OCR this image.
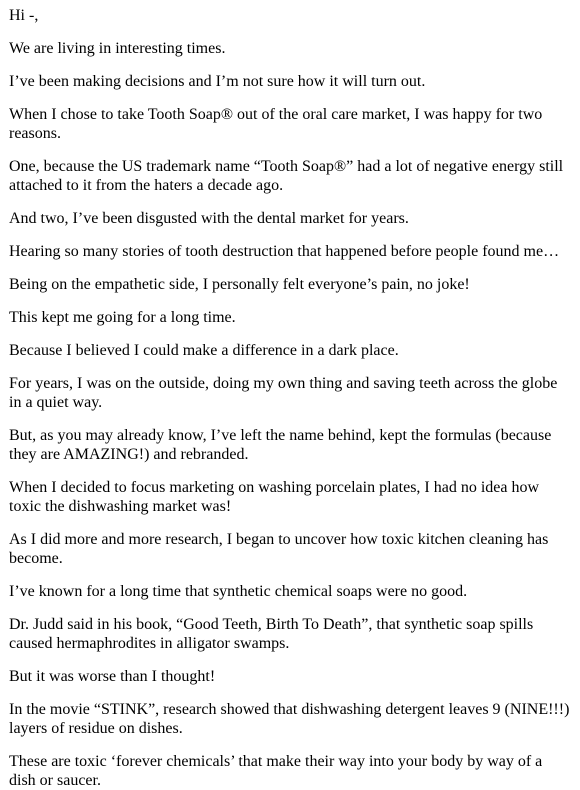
Hi -,

We are living in interesting times.

I’ve been making decisions and I’m not sure how it will turn out.

When I chose to take Tooth Soap® out of the oral care market, I was happy for two reasons.

One, because the US trademark name “Tooth Soap®” had a lot of negative energy still attached to it from the haters a decade ago.

And two, I’ve been disgusted with the dental market for years.

Hearing so many stories of tooth destruction that happened before people found me…

Being on the empathetic side, I personally felt everyone’s pain, no joke!

This kept me going for a long time.

Because I believed I could make a difference in a dark place.

For years, I was on the outside, doing my own thing and saving teeth across the globe in a quiet way.

But, as you may already know, I’ve left the name behind, kept the formulas (because they are AMAZING!) and rebranded.

When I decided to focus marketing on washing porcelain plates, I had no idea how toxic the dishwashing market was!

As I did more and more research, I began to uncover how toxic kitchen cleaning has become.

I’ve known for a long time that synthetic chemical soaps were no good.

Dr. Judd said in his book, “Good Teeth, Birth To Death”, that synthetic soap spills caused hermaphrodites in alligator swamps.

But it was worse than I thought!

In the movie “STINK”, research showed that dishwashing detergent leaves 9 (NINE!!!) layers of residue on dishes.

These are toxic ‘forever chemicals’ that make their way into your body by way of a dish or saucer.
